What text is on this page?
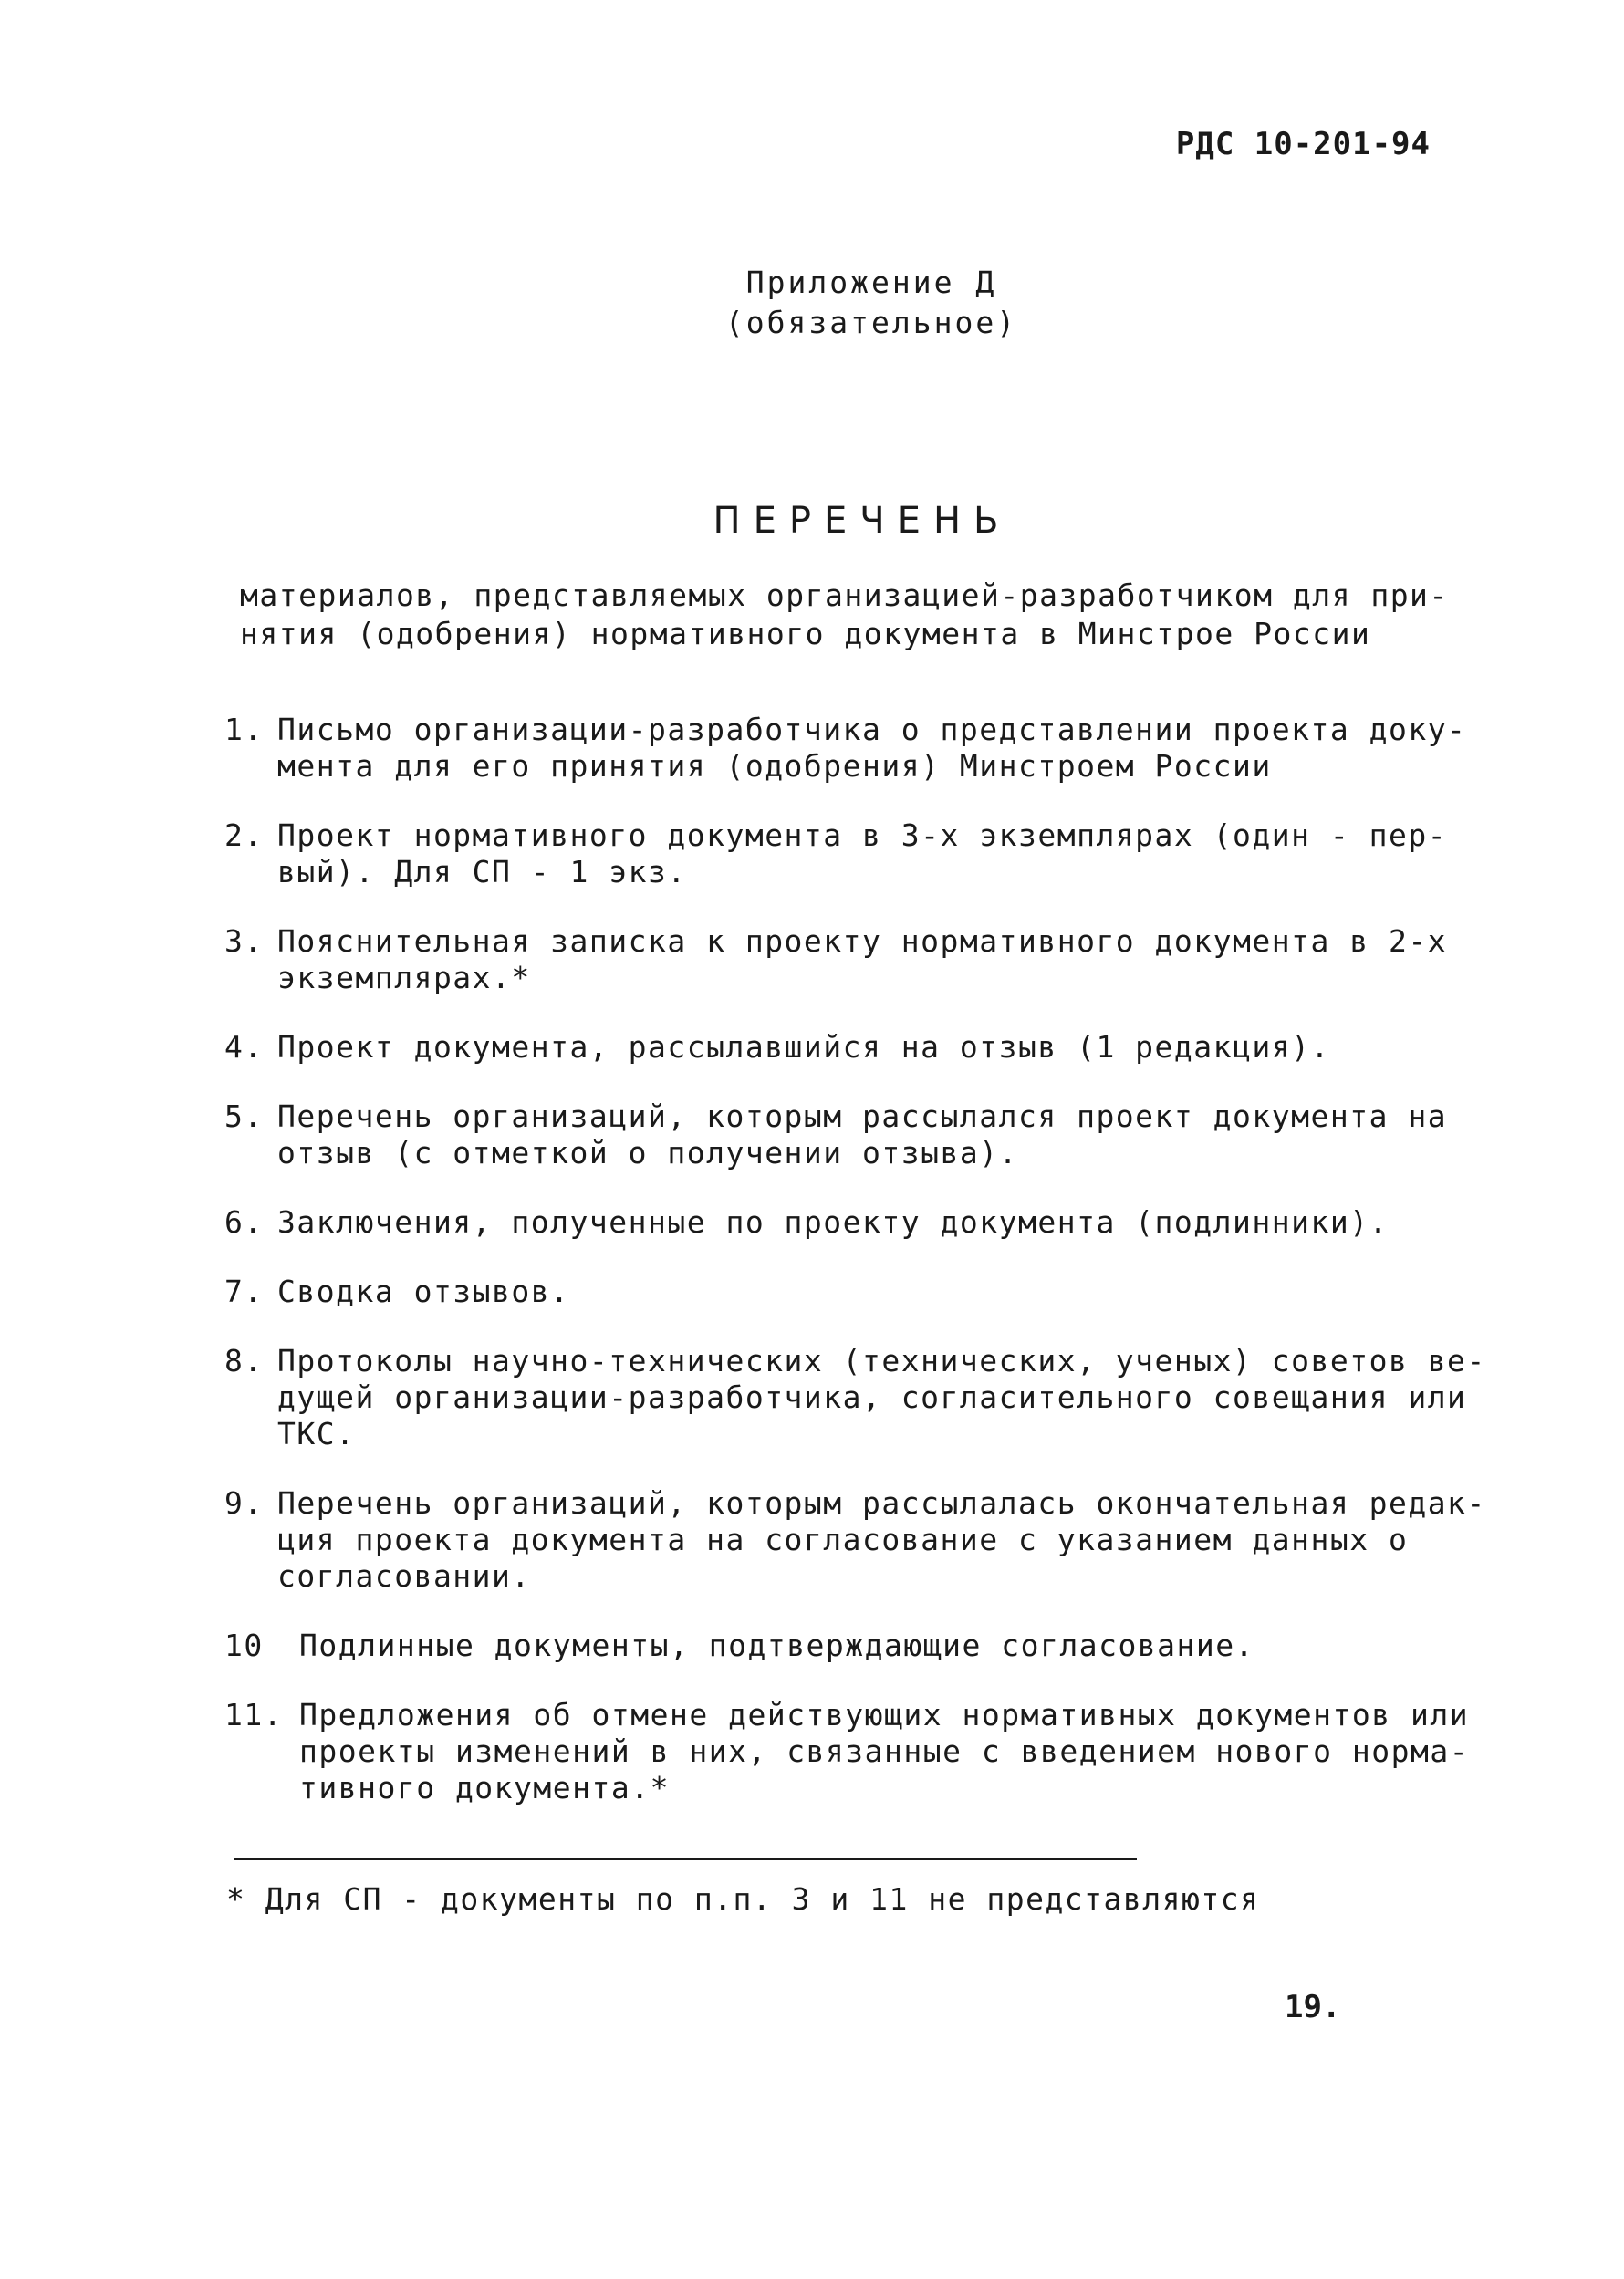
РДС 10-201-94
Приложение Д
(обязательное)
ПЕРЕЧЕНЬ
материалов, представляемых организацией-разработчиком для при-
нятия (одобрения) нормативного документа в Минстрое России
1. Письмо организации-разработчика о представлении проекта доку-
мента для его принятия (одобрения) Минстроем России
2. Проект нормативного документа в 3-х экземплярах (один - пер-
вый). Для СП - 1 экз.
3. Пояснительная записка к проекту нормативного документа в 2-х
экземплярах.*
4. Проект документа, рассылавшийся на отзыв (1 редакция).
5. Перечень организаций, которым рассылался проект документа на
отзыв (с отметкой о получении отзыва).
6. Заключения, полученные по проекту документа (подлинники).
7. Сводка отзывов.
8. Протоколы научно-технических (технических, ученых) советов ве-
дущей организации-разработчика, согласительного совещания или
ТКС.
9. Перечень организаций, которым рассылалась окончательная редак-
ция проекта документа на согласование с указанием данных о
согласовании.
10	Подлинные документы, подтверждающие согласование.
11. Предложения об отмене действующих нормативных документов или
проекты изменений в них, связанные с введением нового норма-
тивного документа.*
* Для СП - документы по п.п. 3 и 11 не представляются
19.
